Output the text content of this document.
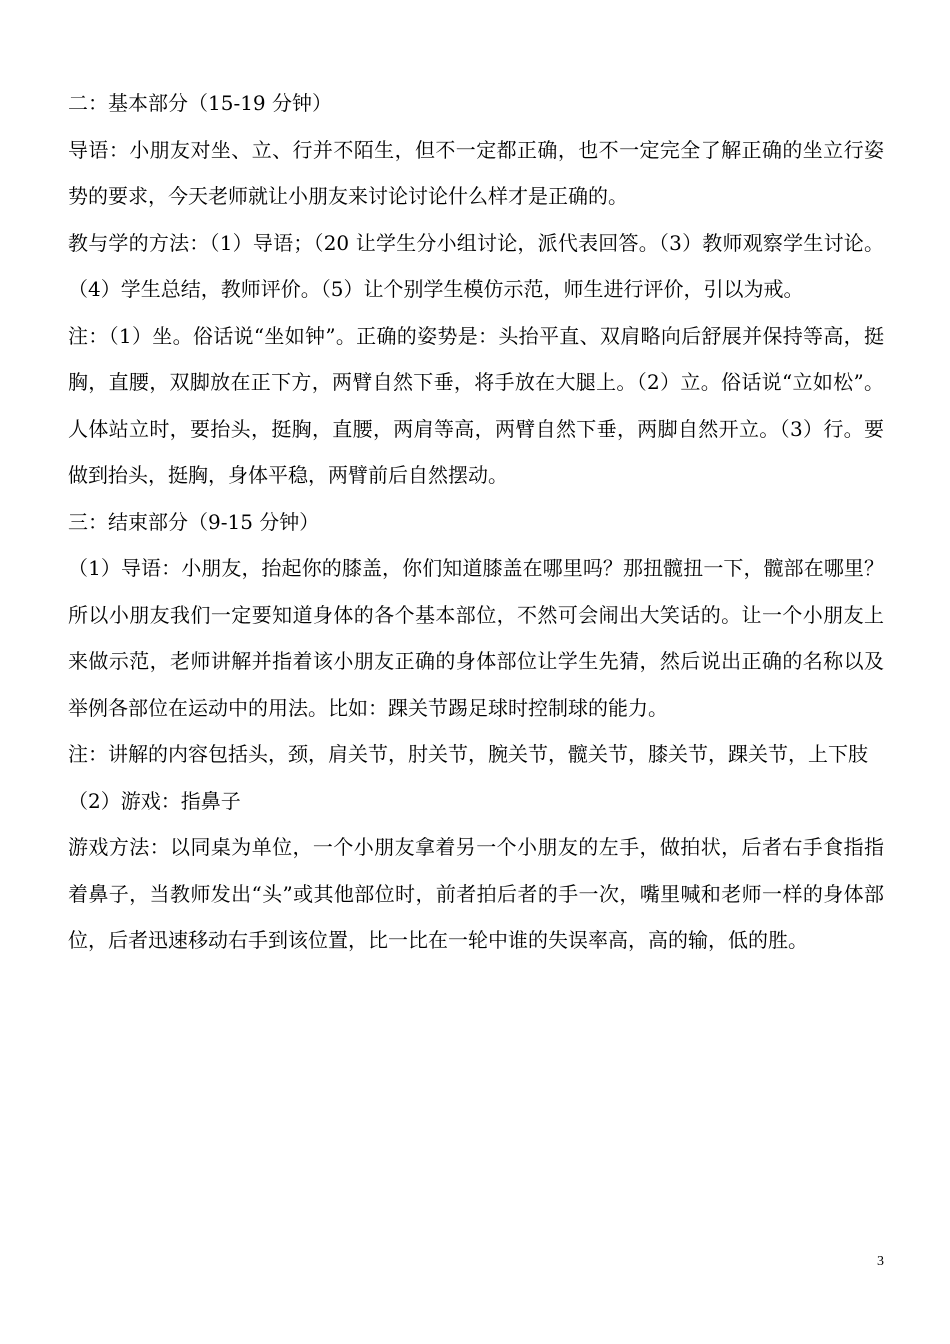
二：基本部分（15-19 分钟）

导语：小朋友对坐、立、行并不陌生，但不一定都正确，也不一定完全了解正确的坐立行姿势的要求，今天老师就让小朋友来讨论讨论什么样才是正确的。

教与学的方法：（1）导语；（20 让学生分小组讨论，派代表回答。（3）教师观察学生讨论。（4）学生总结，教师评价。（5）让个别学生模仿示范，师生进行评价，引以为戒。

注：（1）坐。俗话说“坐如钟”。正确的姿势是：头抬平直、双肩略向后舒展并保持等高，挺胸，直腰，双脚放在正下方，两臂自然下垂，将手放在大腿上。（2）立。俗话说“立如松”。人体站立时，要抬头，挺胸，直腰，两肩等高，两臂自然下垂，两脚自然开立。（3）行。要做到抬头，挺胸，身体平稳，两臂前后自然摆动。

三：结束部分（9-15 分钟）

（1）导语：小朋友，抬起你的膝盖，你们知道膝盖在哪里吗？那扭髋扭一下，髋部在哪里？所以小朋友我们一定要知道身体的各个基本部位，不然可会闹出大笑话的。让一个小朋友上来做示范，老师讲解并指着该小朋友正确的身体部位让学生先猜，然后说出正确的名称以及举例各部位在运动中的用法。比如：踝关节踢足球时控制球的能力。

注：讲解的内容包括头，颈，肩关节，肘关节，腕关节，髋关节，膝关节，踝关节，上下肢

（2）游戏：指鼻子

游戏方法：以同桌为单位，一个小朋友拿着另一个小朋友的左手，做拍状，后者右手食指指着鼻子，当教师发出“头”或其他部位时，前者拍后者的手一次，嘴里喊和老师一样的身体部位，后者迅速移动右手到该位置，比一比在一轮中谁的失误率高，高的输，低的胜。

3
